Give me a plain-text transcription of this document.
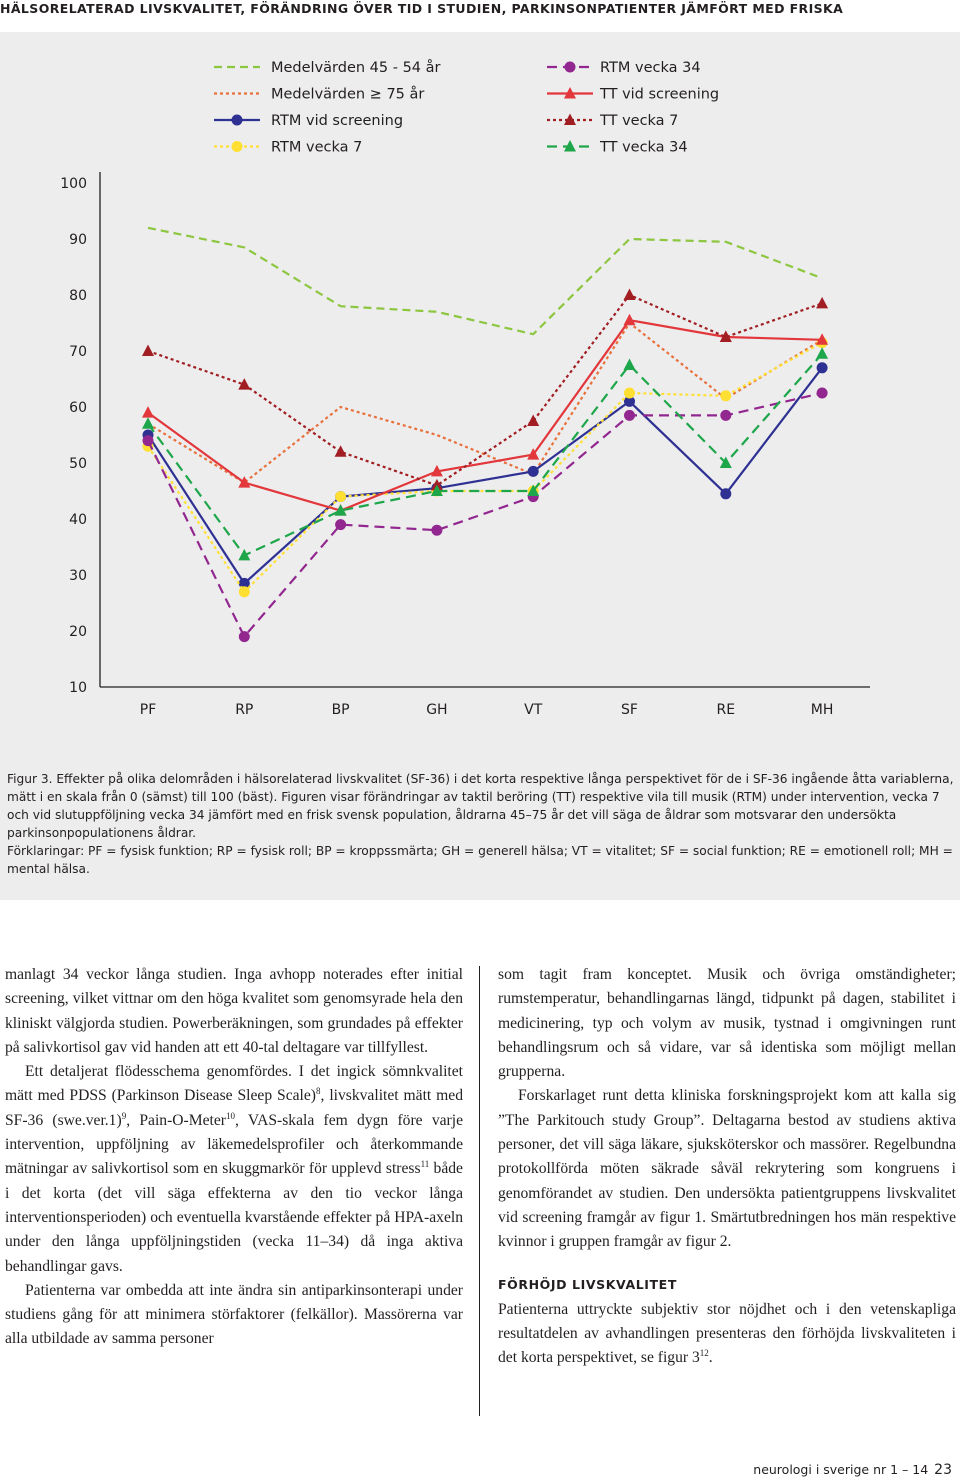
HÄLSORELATERAD LIVSKVALITET, FÖRÄNDRING ÖVER TID I STUDIEN, PARKINSONPATIENTER JÄMFÖRT MED FRISKA
10
20
30
40
50
60
70
80
90
100
PF	RP	BP	GH	VT	SF	RE	MH
Medelvärden 45 - 54 år
Medelvärden ≥ 75 år
RTM vid screening
RTM vecka 7
RTM vecka 34
TT vid screening
TT vecka 7
TT vecka 34

Figur 3. Effekter på olika delområden i hälsorelaterad livskvalitet (SF-36) i det korta respektive långa perspektivet för de i SF-36 ingående åtta variablerna, mätt i en skala från 0 (sämst) till 100 (bäst). Figuren visar förändringar av taktil beröring (TT) respektive vila till musik (RTM) under intervention, vecka 7 och vid slutuppföljning vecka 34 jämfört med en frisk svensk population, åldrarna 45–75 år det vill säga de åldrar som motsvarar den undersökta parkinsonpopulationens åldrar.

Förklaringar: PF = fysisk funktion; RP = fysisk roll; BP = kroppssmärta; GH = generell hälsa; VT = vitalitet; SF = social funktion; RE = emotionell roll; MH = mental hälsa.

manlagt 34 veckor långa studien. Inga avhopp noterades efter initial screening, vilket vittnar om den höga kvalitet som genomsyrade hela den kliniskt välgjorda studien. Powerberäkningen, som grundades på effekter på salivkortisol gav vid handen att ett 40-tal deltagare var tillfyllest.

Ett detaljerat flödesschema genomfördes. I det ingick sömnkvalitet mätt med PDSS (Parkinson Disease Sleep Scale)$^8$, livskvalitet mätt med SF-36 $(swe.ver.1)^9$, Pain-O-Meter$^{10}$, VAS-skala fem dygn före varje intervention, uppföljning av läkemedelsprofiler och återkommande mätningar av salivkortisol som en skuggmarkör för upplevd stress$^{11}$ både i det korta (det vill säga effekterna av den tio veckor långa interventionsperioden) och eventuella kvarstående effekter på HPA-axeln under den långa uppföljningstiden (vecka 11–34) då inga aktiva behandlingar gavs.

Patienterna var ombedda att inte ändra sin antiparkinsonterapi under studiens gång för att minimera störfaktorer (felkällor). Massörerna var alla utbildade av samma personer

som tagit fram konceptet. Musik och övriga omständigheter; rumstemperatur, behandlingarnas längd, tidpunkt på dagen, stabilitet i medicinering, typ och volym av musik, tystnad i omgivningen runt behandlingsrum och så vidare, var så identiska som möjligt mellan grupperna.

Forskarlaget runt detta kliniska forskningsprojekt kom att kalla sig ”The Parkitouch study Group”. Deltagarna bestod av studiens aktiva personer, det vill säga läkare, sjuksköterskor och massörer. Regelbundna protokollförda möten säkrade såväl rekrytering som kongruens i genomförandet av studien. Den undersökta patientgruppens livskvalitet vid screening framgår av figur 1. Smärtutbredningen hos män respektive kvinnor i gruppen framgår av figur 2.

FÖRHÖJD LIVSKVALITET

Patienterna uttryckte subjektiv stor nöjdhet och i den vetenskapliga resultatdelen av avhandlingen presenteras den förhöjda livskvaliteten i det korta perspektivet, se figur $3^{12}$.

neurologi i sverige nr 1 – 14 23
